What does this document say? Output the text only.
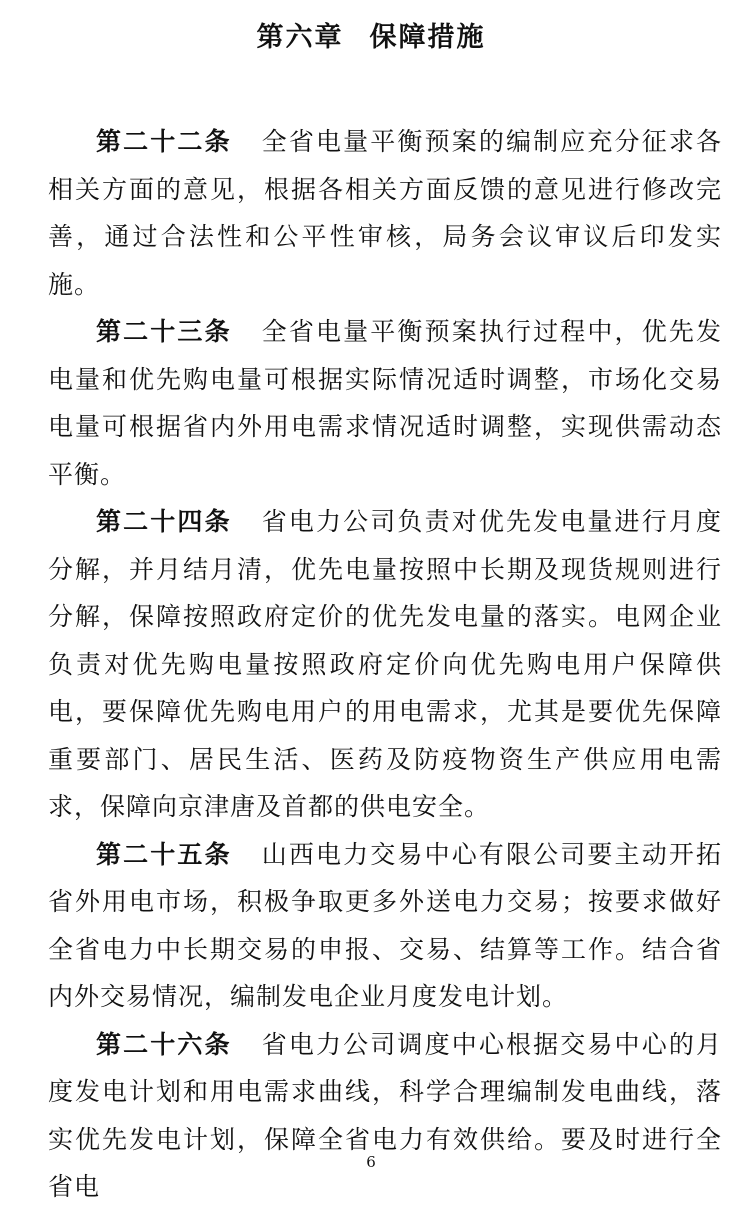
第六章 保障措施

第二十二条 全省电量平衡预案的编制应充分征求各相关方面的意见，根据各相关方面反馈的意见进行修改完善，通过合法性和公平性审核，局务会议审议后印发实施。

第二十三条 全省电量平衡预案执行过程中，优先发电量和优先购电量可根据实际情况适时调整，市场化交易电量可根据省内外用电需求情况适时调整，实现供需动态平衡。

第二十四条 省电力公司负责对优先发电量进行月度分解，并月结月清，优先电量按照中长期及现货规则进行分解，保障按照政府定价的优先发电量的落实。电网企业负责对优先购电量按照政府定价向优先购电用户保障供电，要保障优先购电用户的用电需求，尤其是要优先保障重要部门、居民生活、医药及防疫物资生产供应用电需求，保障向京津唐及首都的供电安全。

第二十五条 山西电力交易中心有限公司要主动开拓省外用电市场，积极争取更多外送电力交易；按要求做好全省电力中长期交易的申报、交易、结算等工作。结合省内外交易情况，编制发电企业月度发电计划。

第二十六条 省电力公司调度中心根据交易中心的月度发电计划和用电需求曲线，科学合理编制发电曲线，落实优先发电计划，保障全省电力有效供给。要及时进行全省电

6
